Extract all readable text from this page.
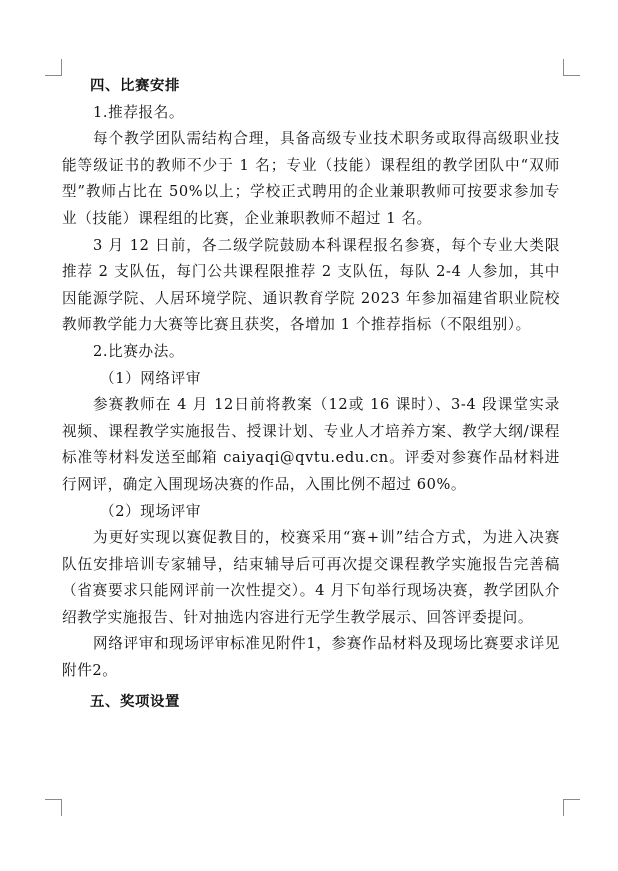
四、比赛安排

1.推荐报名。

每个教学团队需结构合理，具备高级专业技术职务或取得高级职业技能等级证书的教师不少于 1 名；专业（技能）课程组的教学团队中“双师型”教师占比在 50%以上；学校正式聘用的企业兼职教师可按要求参加专业（技能）课程组的比赛，企业兼职教师不超过 1 名。

3 月 12 日前，各二级学院鼓励本科课程报名参赛，每个专业大类限推荐 2 支队伍，每门公共课程限推荐 2 支队伍，每队 2-4 人参加，其中因能源学院、人居环境学院、通识教育学院 2023 年参加福建省职业院校教师教学能力大赛等比赛且获奖，各增加 1 个推荐指标（不限组别）。

2.比赛办法。

（1）网络评审

参赛教师在 4 月 12日前将教案（12或 16 课时）、3-4 段课堂实录视频、课程教学实施报告、授课计划、专业人才培养方案、教学大纲/课程标准等材料发送至邮箱 caiyaqi@qvtu.edu.cn。评委对参赛作品材料进行网评，确定入围现场决赛的作品，入围比例不超过 60%。

（2）现场评审

为更好实现以赛促教目的，校赛采用“赛+训”结合方式，为进入决赛队伍安排培训专家辅导，结束辅导后可再次提交课程教学实施报告完善稿（省赛要求只能网评前一次性提交）。4 月下旬举行现场决赛，教学团队介绍教学实施报告、针对抽选内容进行无学生教学展示、回答评委提问。

网络评审和现场评审标准见附件1，参赛作品材料及现场比赛要求详见附件2。

五、奖项设置
